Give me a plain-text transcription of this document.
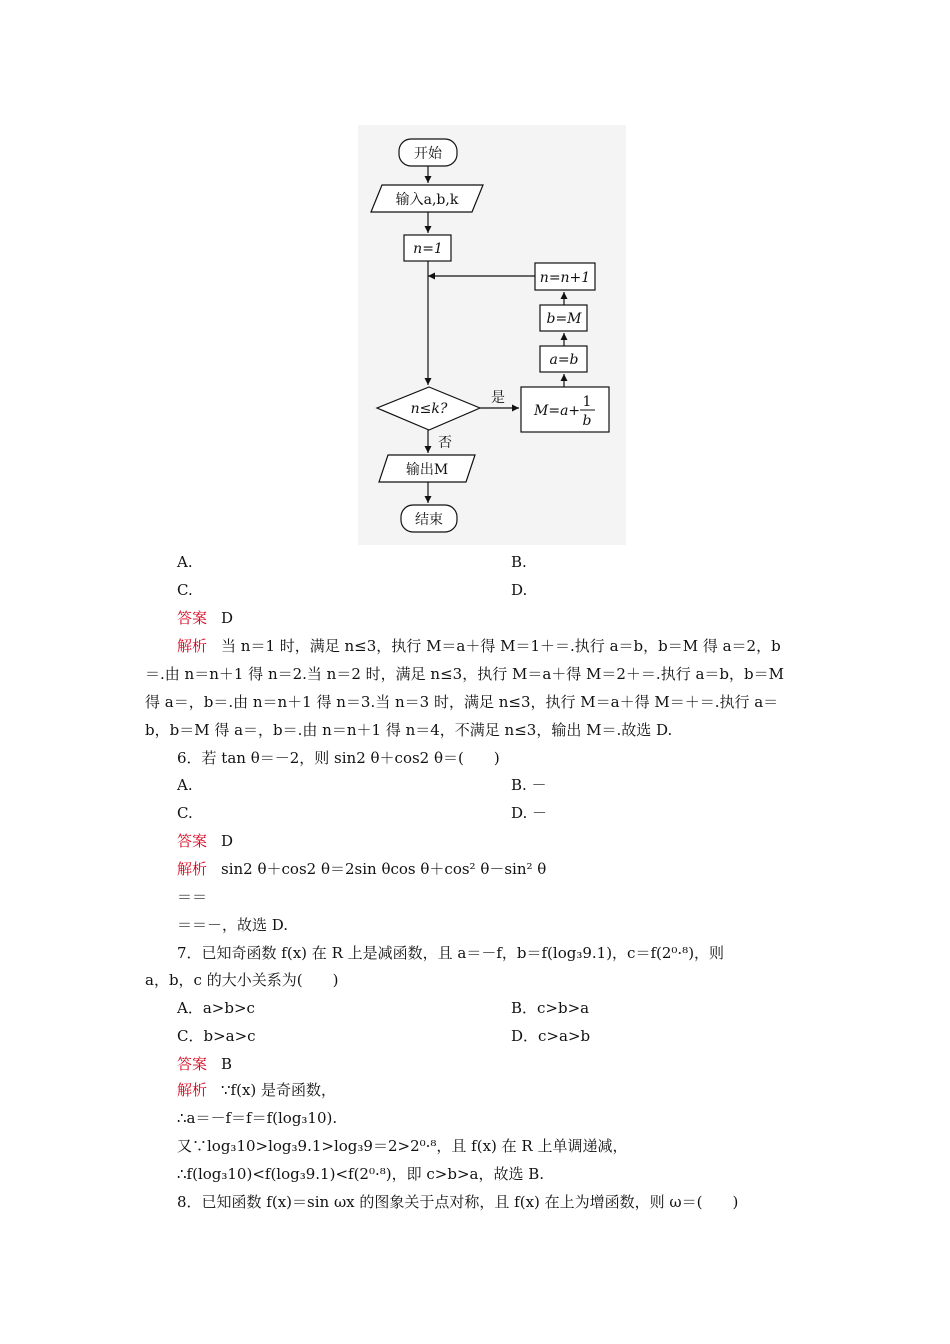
开始
输入a,b,k
n=1
n=n+1
b=M
a=b
M=a+
1
b
n≤k?
是
否
输出M
结束
A.	B.
C.	D.
答案 D
解析 当 n＝1 时，满足 n≤3，执行 M＝a＋得 M＝1＋＝.执行 a＝b，b＝M 得 a＝2，b
＝.由 n＝n＋1 得 n＝2.当 n＝2 时，满足 n≤3，执行 M＝a＋得 M＝2＋＝.执行 a＝b，b＝M
得 a＝，b＝.由 n＝n＋1 得 n＝3.当 n＝3 时，满足 n≤3，执行 M＝a＋得 M＝＋＝.执行 a＝
b，b＝M 得 a＝，b＝.由 n＝n＋1 得 n＝4，不满足 n≤3，输出 M＝.故选 D.
6．若 tan θ＝－2，则 sin2 θ＋cos2 θ＝(　　)
A.	B. －
C.	D. －
答案 D
解析 sin2 θ＋cos2 θ＝2sin θcos θ＋cos² θ－sin² θ
＝＝
＝＝－，故选 D.
7．已知奇函数 f(x) 在 R 上是减函数，且 a＝－f，b＝f(log₃9.1)，c＝f(2⁰·⁸)，则
a，b，c 的大小关系为(　　)
A．a>b>c	B．c>b>a
C．b>a>c	D．c>a>b
答案 B
解析 ∵f(x) 是奇函数，
∴a＝－f＝f＝f(log₃10).
又∵log₃10>log₃9.1>log₃9＝2>2⁰·⁸，且 f(x) 在 R 上单调递减，
∴f(log₃10)<f(log₃9.1)<f(2⁰·⁸)，即 c>b>a，故选 B.
8．已知函数 f(x)＝sin ωx 的图象关于点对称，且 f(x) 在上为增函数，则 ω＝(　　)
